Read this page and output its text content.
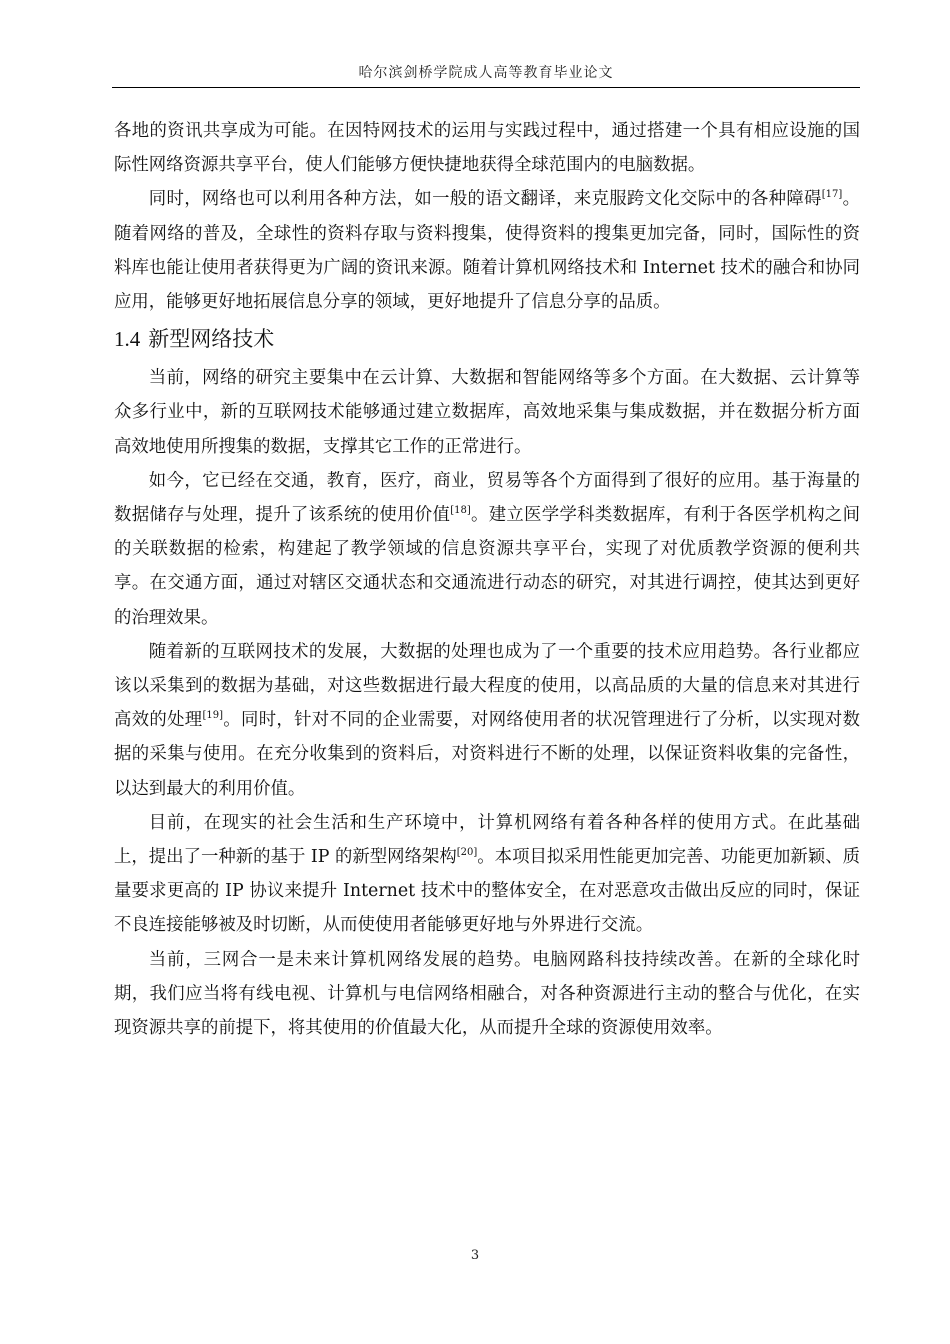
哈尔滨剑桥学院成人高等教育毕业论文

各地的资讯共享成为可能。在因特网技术的运用与实践过程中，通过搭建一个具有相应设施的国际性网络资源共享平台，使人们能够方便快捷地获得全球范围内的电脑数据。

同时，网络也可以利用各种方法，如一般的语文翻译，来克服跨文化交际中的各种障碍[17]。随着网络的普及，全球性的资料存取与资料搜集，使得资料的搜集更加完备，同时，国际性的资料库也能让使用者获得更为广阔的资讯来源。随着计算机网络技术和 Internet 技术的融合和协同应用，能够更好地拓展信息分享的领域，更好地提升了信息分享的品质。

1.4 新型网络技术

当前，网络的研究主要集中在云计算、大数据和智能网络等多个方面。在大数据、云计算等众多行业中，新的互联网技术能够通过建立数据库，高效地采集与集成数据，并在数据分析方面高效地使用所搜集的数据，支撑其它工作的正常进行。

如今，它已经在交通，教育，医疗，商业，贸易等各个方面得到了很好的应用。基于海量的数据储存与处理，提升了该系统的使用价值[18]。建立医学学科类数据库，有利于各医学机构之间的关联数据的检索，构建起了教学领域的信息资源共享平台，实现了对优质教学资源的便利共享。在交通方面，通过对辖区交通状态和交通流进行动态的研究，对其进行调控，使其达到更好的治理效果。

随着新的互联网技术的发展，大数据的处理也成为了一个重要的技术应用趋势。各行业都应该以采集到的数据为基础，对这些数据进行最大程度的使用，以高品质的大量的信息来对其进行高效的处理[19]。同时，针对不同的企业需要，对网络使用者的状况管理进行了分析，以实现对数据的采集与使用。在充分收集到的资料后，对资料进行不断的处理，以保证资料收集的完备性，以达到最大的利用价值。

目前，在现实的社会生活和生产环境中，计算机网络有着各种各样的使用方式。在此基础上，提出了一种新的基于 IP 的新型网络架构[20]。本项目拟采用性能更加完善、功能更加新颖、质量要求更高的 IP 协议来提升 Internet 技术中的整体安全，在对恶意攻击做出反应的同时，保证不良连接能够被及时切断，从而使使用者能够更好地与外界进行交流。

当前，三网合一是未来计算机网络发展的趋势。电脑网路科技持续改善。在新的全球化时期，我们应当将有线电视、计算机与电信网络相融合，对各种资源进行主动的整合与优化，在实现资源共享的前提下，将其使用的价值最大化，从而提升全球的资源使用效率。

3
